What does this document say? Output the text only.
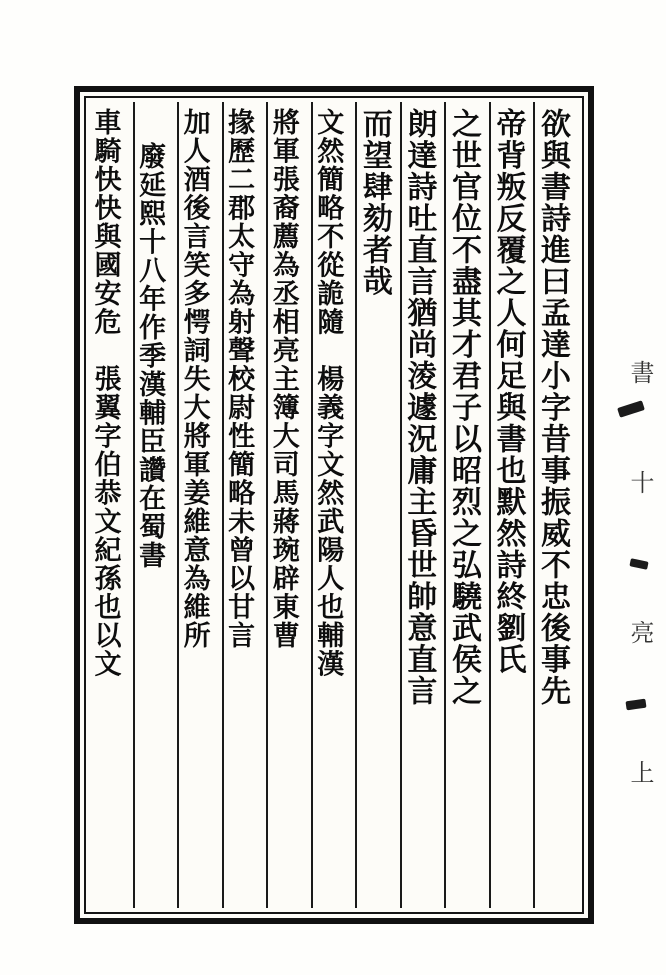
欲與書詩進曰孟達小字昔事振威不忠後事先
帝背叛反覆之人何足與書也默然詩終劉氏
之世官位不盡其才君子以昭烈之弘驍武侯之
朗達詩吐直言猶尚淩遽況庸主昏世帥意直言
而望肆劾者哉
文然簡略不從詭隨　楊義字文然武陽人也輔漢
將軍張裔薦為丞相亮主簿大司馬蔣琬辟東曹
掾歷二郡太守為射聲校尉性簡略未曾以甘言
加人酒後言笑多愕詞失大將軍姜維意為維所
廢延熙十八年作季漢輔臣讚在蜀書
車騎快快與國安危　張翼字伯恭文紀孫也以文	書
十
亮
上
